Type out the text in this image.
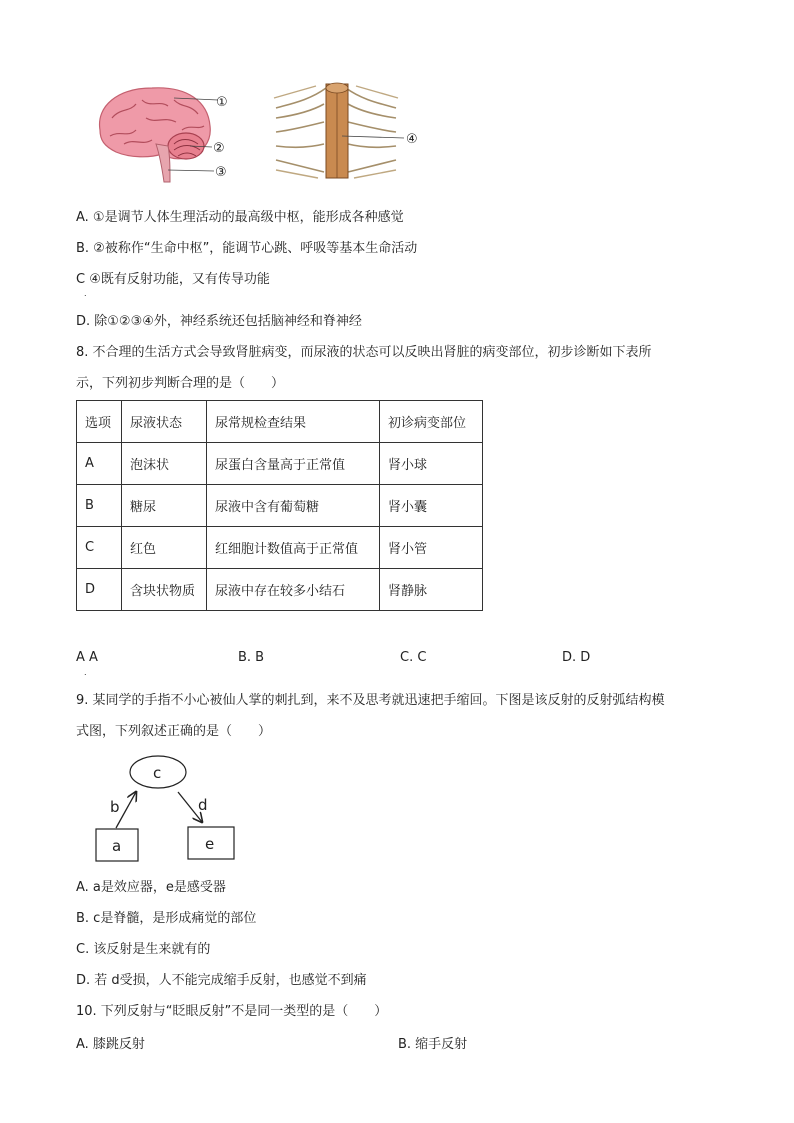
①
②
③
④
A. ①是调节人体生理活动的最高级中枢，能形成各种感觉
B. ②被称作“生命中枢”，能调节心跳、呼吸等基本生命活动
C ④既有反射功能，又有传导功能
.
D. 除①②③④外，神经系统还包括脑神经和脊神经
8. 不合理的生活方式会导致肾脏病变，而尿液的状态可以反映出肾脏的病变部位，初步诊断如下表所
示，下列初步判断合理的是（　　）
选项	尿液状态	尿常规检查结果	初诊病变部位
A	泡沫状	尿蛋白含量高于正常值	肾小球
B	糖尿	尿液中含有葡萄糖	肾小囊
C	红色	红细胞计数值高于正常值	肾小管
D	含块状物质	尿液中存在较多小结石	肾静脉
A A	B. B	C. C	D. D
.
9. 某同学的手指不小心被仙人掌的刺扎到，来不及思考就迅速把手缩回。下图是该反射的反射弧结构模
式图，下列叙述正确的是（　　）
c
b	d
a	e
A. a是效应器，e是感受器
B. c是脊髓，是形成痛觉的部位
C. 该反射是生来就有的
D. 若 d受损，人不能完成缩手反射，也感觉不到痛
10. 下列反射与“眨眼反射”不是同一类型的是（　　）
A. 膝跳反射	B. 缩手反射
